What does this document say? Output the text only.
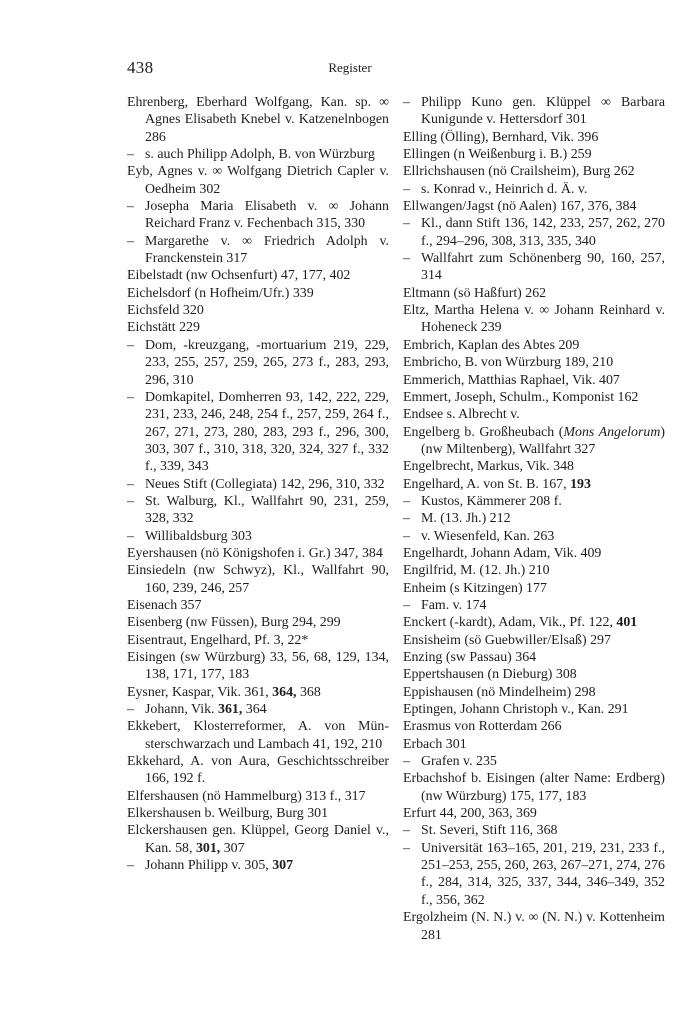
438	Register
Ehrenberg, Eberhard Wolfgang, Kan. sp. ∞ Agnes Elisabeth Knebel v. Katzenelnbogen 286
– s. auch Philipp Adolph, B. von Würzburg
Eyb, Agnes v. ∞ Wolfgang Dietrich Capler v. Oedheim 302
– Josepha Maria Elisabeth v. ∞ Johann Reichard Franz v. Fechenbach 315, 330
– Margarethe v. ∞ Friedrich Adolph v. Franckenstein 317
Eibelstadt (nw Ochsenfurt) 47, 177, 402
Eichelsdorf (n Hofheim/Ufr.) 339
Eichsfeld 320
Eichstätt 229
– Dom, -kreuzgang, -mortuarium 219, 229, 233, 255, 257, 259, 265, 273 f., 283, 293, 296, 310
– Domkapitel, Domherren 93, 142, 222, 229, 231, 233, 246, 248, 254 f., 257, 259, 264 f., 267, 271, 273, 280, 283, 293 f., 296, 300, 303, 307 f., 310, 318, 320, 324, 327 f., 332 f., 339, 343
– Neues Stift (Collegiata) 142, 296, 310, 332
– St. Walburg, Kl., Wallfahrt 90, 231, 259, 328, 332
– Willibaldsburg 303
Eyershausen (nö Königshofen i. Gr.) 347, 384
Einsiedeln (nw Schwyz), Kl., Wallfahrt 90, 160, 239, 246, 257
Eisenach 357
Eisenberg (nw Füssen), Burg 294, 299
Eisentraut, Engelhard, Pf. 3, 22*
Eisingen (sw Würzburg) 33, 56, 68, 129, 134, 138, 171, 177, 183
Eysner, Kaspar, Vik. 361, 364, 368
– Johann, Vik. 361, 364
Ekkebert, Klosterreformer, A. von Münsterschwarzach und Lambach 41, 192, 210
Ekkehard, A. von Aura, Geschichtsschreiber 166, 192 f.
Elfershausen (nö Hammelburg) 313 f., 317
Elkershausen b. Weilburg, Burg 301
Elckershausen gen. Klüppel, Georg Daniel v., Kan. 58, 301, 307
– Johann Philipp v. 305, 307
– Philipp Kuno gen. Klüppel ∞ Barbara Kunigunde v. Hettersdorf 301
Elling (Ölling), Bernhard, Vik. 396
Ellingen (n Weißenburg i. B.) 259
Ellrichshausen (nö Crailsheim), Burg 262
– s. Konrad v., Heinrich d. Ä. v.
Ellwangen/Jagst (nö Aalen) 167, 376, 384
– Kl., dann Stift 136, 142, 233, 257, 262, 270 f., 294–296, 308, 313, 335, 340
– Wallfahrt zum Schönenberg 90, 160, 257, 314
Eltmann (sö Haßfurt) 262
Eltz, Martha Helena v. ∞ Johann Reinhard v. Hoheneck 239
Embrich, Kaplan des Abtes 209
Embricho, B. von Würzburg 189, 210
Emmerich, Matthias Raphael, Vik. 407
Emmert, Joseph, Schulm., Komponist 162
Endsee s. Albrecht v.
Engelberg b. Großheubach (Mons Angelorum) (nw Miltenberg), Wallfahrt 327
Engelbrecht, Markus, Vik. 348
Engelhard, A. von St. B. 167, 193
– Kustos, Kämmerer 208 f.
– M. (13. Jh.) 212
– v. Wiesenfeld, Kan. 263
Engelhardt, Johann Adam, Vik. 409
Engilfrid, M. (12. Jh.) 210
Enheim (s Kitzingen) 177
– Fam. v. 174
Enckert (-kardt), Adam, Vik., Pf. 122, 401
Ensisheim (sö Guebwiller/Elsaß) 297
Enzing (sw Passau) 364
Eppertshausen (n Dieburg) 308
Eppishausen (nö Mindelheim) 298
Eptingen, Johann Christoph v., Kan. 291
Erasmus von Rotterdam 266
Erbach 301
– Grafen v. 235
Erbachshof b. Eisingen (alter Name: Erdberg) (nw Würzburg) 175, 177, 183
Erfurt 44, 200, 363, 369
– St. Severi, Stift 116, 368
– Universität 163–165, 201, 219, 231, 233 f., 251–253, 255, 260, 263, 267–271, 274, 276 f., 284, 314, 325, 337, 344, 346–349, 352 f., 356, 362
Ergolzheim (N. N.) v. ∞ (N. N.) v. Kottenheim 281
